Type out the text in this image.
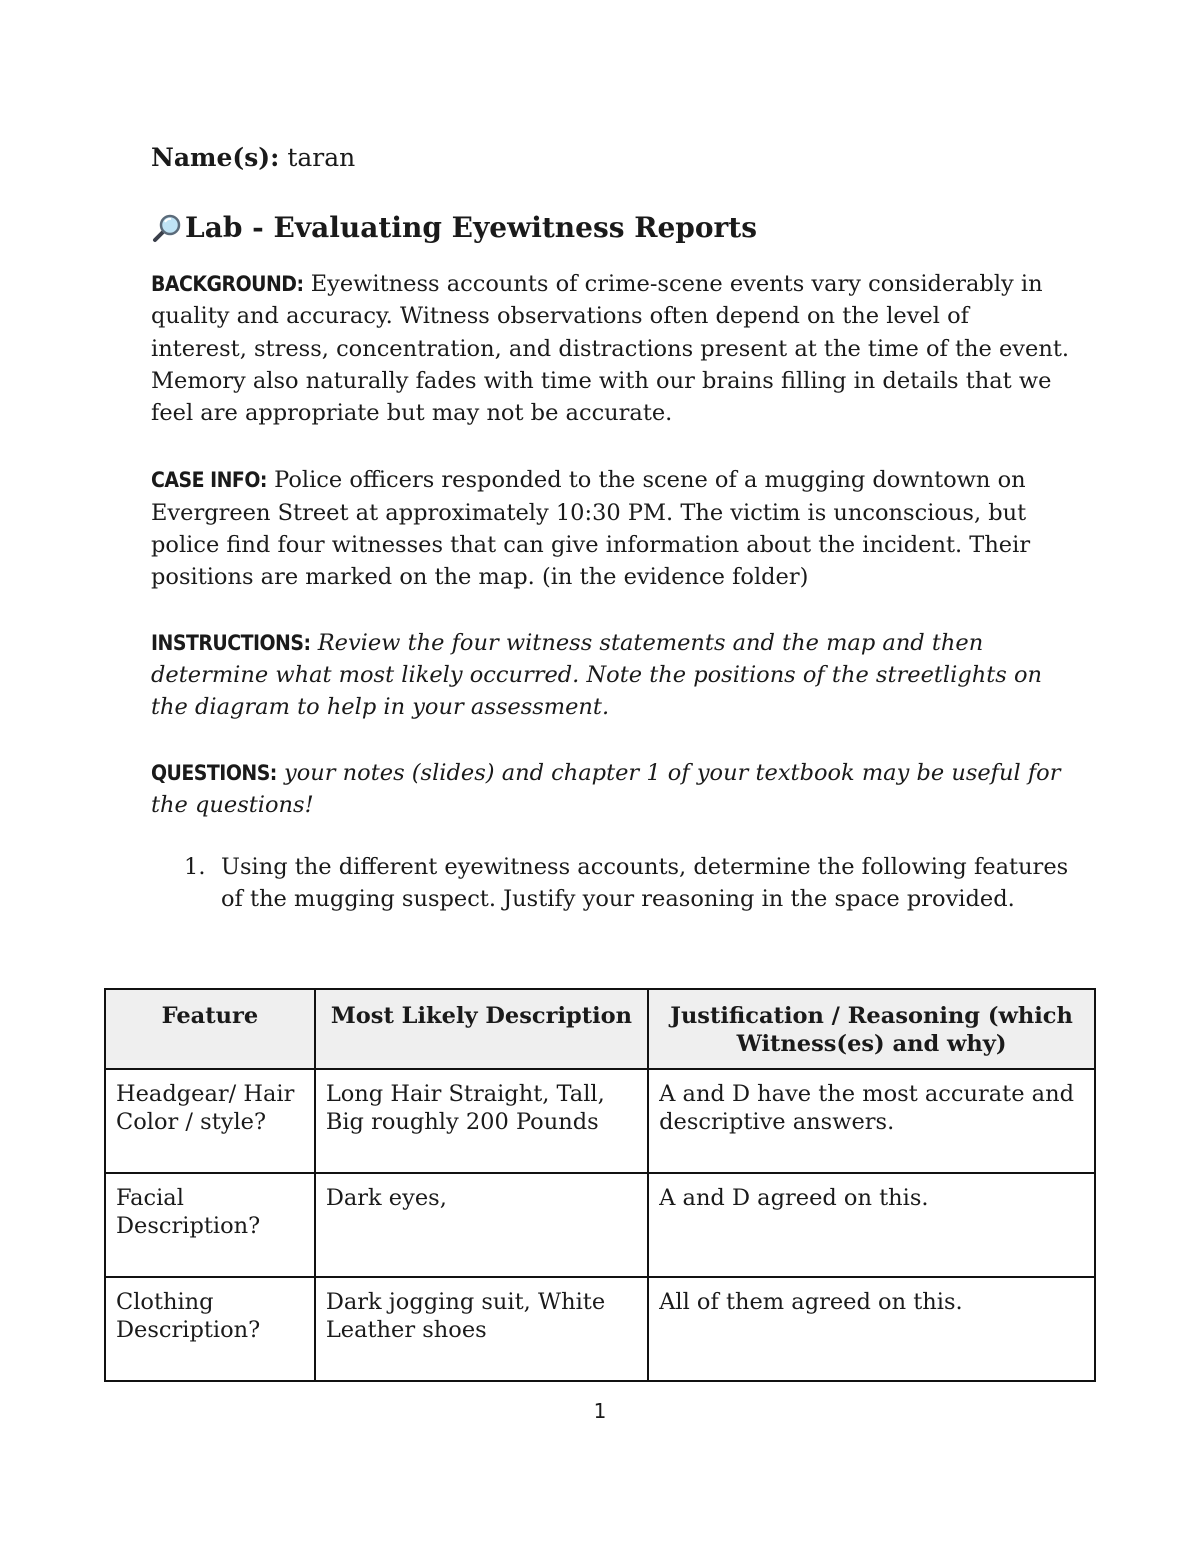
Name(s): taran

Lab - Evaluating Eyewitness Reports

BACKGROUND: Eyewitness accounts of crime-scene events vary considerably in quality and accuracy. Witness observations often depend on the level of interest, stress, concentration, and distractions present at the time of the event. Memory also naturally fades with time with our brains filling in details that we feel are appropriate but may not be accurate.

CASE INFO: Police officers responded to the scene of a mugging downtown on Evergreen Street at approximately 10:30 PM. The victim is unconscious, but police find four witnesses that can give information about the incident. Their positions are marked on the map. (in the evidence folder)

INSTRUCTIONS: Review the four witness statements and the map and then determine what most likely occurred. Note the positions of the streetlights on the diagram to help in your assessment.

QUESTIONS: your notes (slides) and chapter 1 of your textbook may be useful for the questions!

1. Using the different eyewitness accounts, determine the following features of the mugging suspect. Justify your reasoning in the space provided.
Feature	Most Likely Description	Justification / Reasoning (which Witness(es) and why)
Headgear/ Hair Color / style?	Long Hair Straight, Tall, Big roughly 200 Pounds	A and D have the most accurate and descriptive answers.
Facial Description?	Dark eyes,	A and D agreed on this.
Clothing Description?	Dark jogging suit, White Leather shoes	All of them agreed on this.
1
